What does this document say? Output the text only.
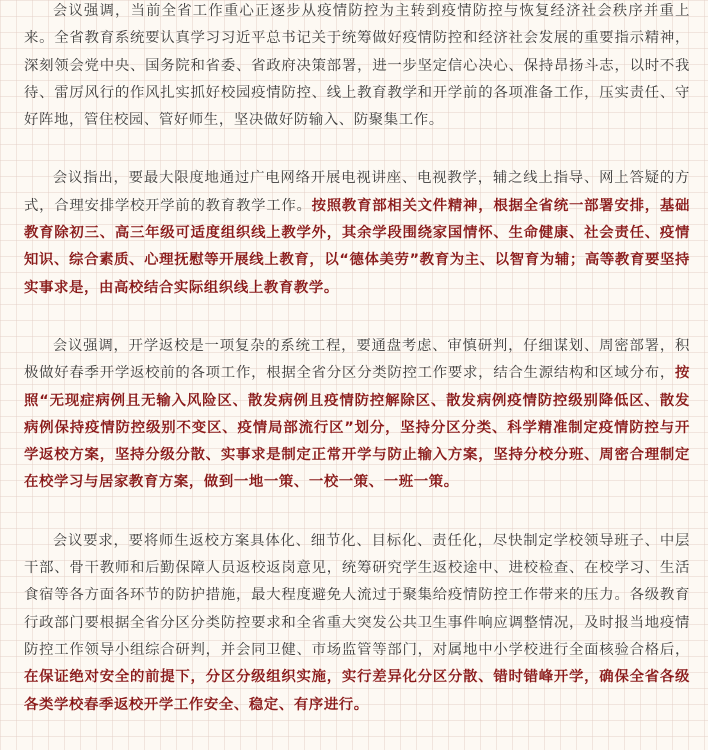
会议强调，当前全省工作重心正逐步从疫情防控为主转到疫情防控与恢复经济社会秩序并重上来。全省教育系统要认真学习习近平总书记关于统筹做好疫情防控和经济社会发展的重要指示精神，深刻领会党中央、国务院和省委、省政府决策部署，进一步坚定信心决心、保持昂扬斗志，以时不我待、雷厉风行的作风扎实抓好校园疫情防控、线上教育教学和开学前的各项准备工作，压实责任、守好阵地，管住校园、管好师生，坚决做好防输入、防聚集工作。

会议指出，要最大限度地通过广电网络开展电视讲座、电视教学，辅之线上指导、网上答疑的方式，合理安排学校开学前的教育教学工作。按照教育部相关文件精神，根据全省统一部署安排，基础教育除初三、高三年级可适度组织线上教学外，其余学段围绕家国情怀、生命健康、社会责任、疫情知识、综合素质、心理抚慰等开展线上教育，以“德体美劳”教育为主、以智育为辅；高等教育要坚持实事求是，由高校结合实际组织线上教育教学。

会议强调，开学返校是一项复杂的系统工程，要通盘考虑、审慎研判，仔细谋划、周密部署，积极做好春季开学返校前的各项工作，根据全省分区分类防控工作要求，结合生源结构和区域分布，按照“无现症病例且无输入风险区、散发病例且疫情防控解除区、散发病例疫情防控级别降低区、散发病例保持疫情防控级别不变区、疫情局部流行区”划分，坚持分区分类、科学精准制定疫情防控与开学返校方案，坚持分级分散、实事求是制定正常开学与防止输入方案，坚持分校分班、周密合理制定在校学习与居家教育方案，做到一地一策、一校一策、一班一策。

会议要求，要将师生返校方案具体化、细节化、目标化、责任化，尽快制定学校领导班子、中层干部、骨干教师和后勤保障人员返校返岗意见，统筹研究学生返校途中、进校检查、在校学习、生活食宿等各方面各环节的防护措施，最大程度避免人流过于聚集给疫情防控工作带来的压力。各级教育行政部门要根据全省分区分类防控要求和全省重大突发公共卫生事件响应调整情况，及时报当地疫情防控工作领导小组综合研判，并会同卫健、市场监管等部门，对属地中小学校进行全面核验合格后，在保证绝对安全的前提下，分区分级组织实施，实行差异化分区分散、错时错峰开学，确保全省各级各类学校春季返校开学工作安全、稳定、有序进行。
